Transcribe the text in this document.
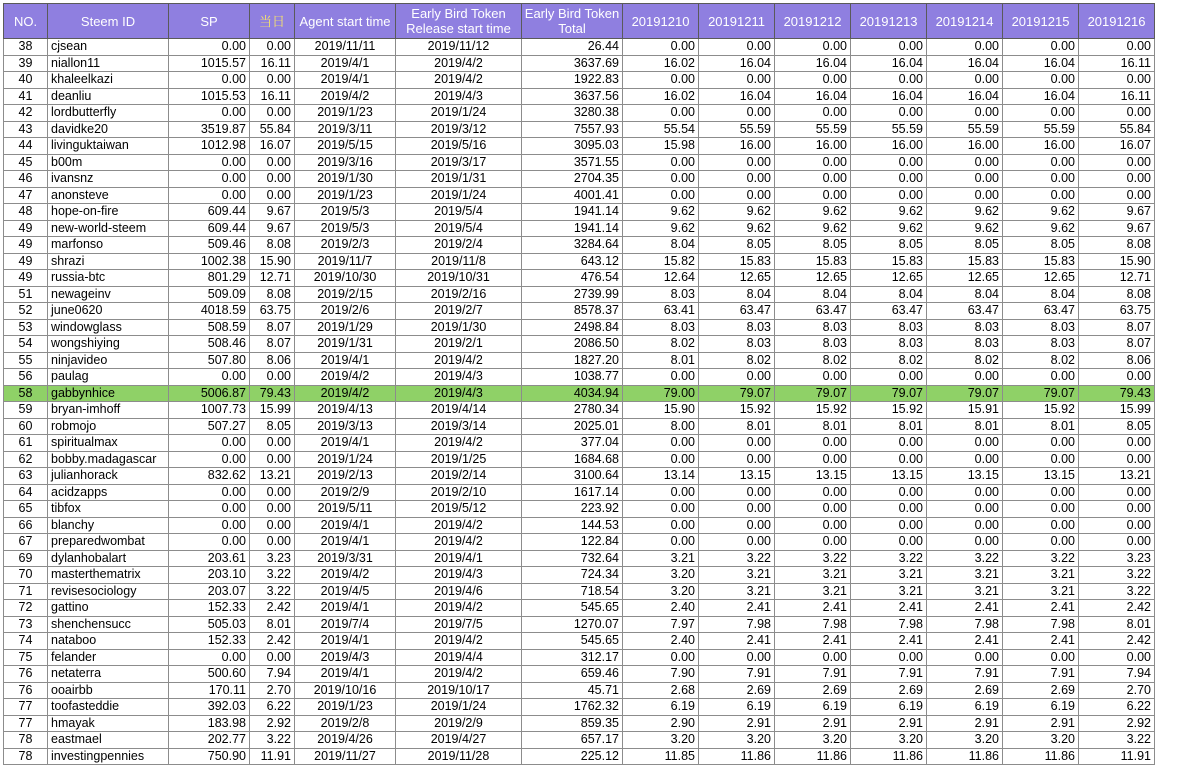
NO.	Steem ID	SP	当日	Agent start time	Early Bird Token Release start time	Early Bird Token Total	20191210	20191211	20191212	20191213	20191214	20191215	20191216
38	cjsean	0.00	0.00	2019/11/11	2019/11/12	26.44	0.00	0.00	0.00	0.00	0.00	0.00	0.00
39	niallon11	1015.57	16.11	2019/4/1	2019/4/2	3637.69	16.02	16.04	16.04	16.04	16.04	16.04	16.11
40	khaleelkazi	0.00	0.00	2019/4/1	2019/4/2	1922.83	0.00	0.00	0.00	0.00	0.00	0.00	0.00
41	deanliu	1015.53	16.11	2019/4/2	2019/4/3	3637.56	16.02	16.04	16.04	16.04	16.04	16.04	16.11
42	lordbutterfly	0.00	0.00	2019/1/23	2019/1/24	3280.38	0.00	0.00	0.00	0.00	0.00	0.00	0.00
43	davidke20	3519.87	55.84	2019/3/11	2019/3/12	7557.93	55.54	55.59	55.59	55.59	55.59	55.59	55.84
44	livinguktaiwan	1012.98	16.07	2019/5/15	2019/5/16	3095.03	15.98	16.00	16.00	16.00	16.00	16.00	16.07
45	b00m	0.00	0.00	2019/3/16	2019/3/17	3571.55	0.00	0.00	0.00	0.00	0.00	0.00	0.00
46	ivansnz	0.00	0.00	2019/1/30	2019/1/31	2704.35	0.00	0.00	0.00	0.00	0.00	0.00	0.00
47	anonsteve	0.00	0.00	2019/1/23	2019/1/24	4001.41	0.00	0.00	0.00	0.00	0.00	0.00	0.00
48	hope-on-fire	609.44	9.67	2019/5/3	2019/5/4	1941.14	9.62	9.62	9.62	9.62	9.62	9.62	9.67
49	new-world-steem	609.44	9.67	2019/5/3	2019/5/4	1941.14	9.62	9.62	9.62	9.62	9.62	9.62	9.67
49	marfonso	509.46	8.08	2019/2/3	2019/2/4	3284.64	8.04	8.05	8.05	8.05	8.05	8.05	8.08
49	shrazi	1002.38	15.90	2019/11/7	2019/11/8	643.12	15.82	15.83	15.83	15.83	15.83	15.83	15.90
49	russia-btc	801.29	12.71	2019/10/30	2019/10/31	476.54	12.64	12.65	12.65	12.65	12.65	12.65	12.71
51	newageinv	509.09	8.08	2019/2/15	2019/2/16	2739.99	8.03	8.04	8.04	8.04	8.04	8.04	8.08
52	june0620	4018.59	63.75	2019/2/6	2019/2/7	8578.37	63.41	63.47	63.47	63.47	63.47	63.47	63.75
53	windowglass	508.59	8.07	2019/1/29	2019/1/30	2498.84	8.03	8.03	8.03	8.03	8.03	8.03	8.07
54	wongshiying	508.46	8.07	2019/1/31	2019/2/1	2086.50	8.02	8.03	8.03	8.03	8.03	8.03	8.07
55	ninjavideo	507.80	8.06	2019/4/1	2019/4/2	1827.20	8.01	8.02	8.02	8.02	8.02	8.02	8.06
56	paulag	0.00	0.00	2019/4/2	2019/4/3	1038.77	0.00	0.00	0.00	0.00	0.00	0.00	0.00
58	gabbynhice	5006.87	79.43	2019/4/2	2019/4/3	4034.94	79.00	79.07	79.07	79.07	79.07	79.07	79.43
59	bryan-imhoff	1007.73	15.99	2019/4/13	2019/4/14	2780.34	15.90	15.92	15.92	15.92	15.91	15.92	15.99
60	robmojo	507.27	8.05	2019/3/13	2019/3/14	2025.01	8.00	8.01	8.01	8.01	8.01	8.01	8.05
61	spiritualmax	0.00	0.00	2019/4/1	2019/4/2	377.04	0.00	0.00	0.00	0.00	0.00	0.00	0.00
62	bobby.madagascar	0.00	0.00	2019/1/24	2019/1/25	1684.68	0.00	0.00	0.00	0.00	0.00	0.00	0.00
63	julianhorack	832.62	13.21	2019/2/13	2019/2/14	3100.64	13.14	13.15	13.15	13.15	13.15	13.15	13.21
64	acidzapps	0.00	0.00	2019/2/9	2019/2/10	1617.14	0.00	0.00	0.00	0.00	0.00	0.00	0.00
65	tibfox	0.00	0.00	2019/5/11	2019/5/12	223.92	0.00	0.00	0.00	0.00	0.00	0.00	0.00
66	blanchy	0.00	0.00	2019/4/1	2019/4/2	144.53	0.00	0.00	0.00	0.00	0.00	0.00	0.00
67	preparedwombat	0.00	0.00	2019/4/1	2019/4/2	122.84	0.00	0.00	0.00	0.00	0.00	0.00	0.00
69	dylanhobalart	203.61	3.23	2019/3/31	2019/4/1	732.64	3.21	3.22	3.22	3.22	3.22	3.22	3.23
70	masterthematrix	203.10	3.22	2019/4/2	2019/4/3	724.34	3.20	3.21	3.21	3.21	3.21	3.21	3.22
71	revisesociology	203.07	3.22	2019/4/5	2019/4/6	718.54	3.20	3.21	3.21	3.21	3.21	3.21	3.22
72	gattino	152.33	2.42	2019/4/1	2019/4/2	545.65	2.40	2.41	2.41	2.41	2.41	2.41	2.42
73	shenchensucc	505.03	8.01	2019/7/4	2019/7/5	1270.07	7.97	7.98	7.98	7.98	7.98	7.98	8.01
74	nataboo	152.33	2.42	2019/4/1	2019/4/2	545.65	2.40	2.41	2.41	2.41	2.41	2.41	2.42
75	felander	0.00	0.00	2019/4/3	2019/4/4	312.17	0.00	0.00	0.00	0.00	0.00	0.00	0.00
76	netaterra	500.60	7.94	2019/4/1	2019/4/2	659.46	7.90	7.91	7.91	7.91	7.91	7.91	7.94
76	ooairbb	170.11	2.70	2019/10/16	2019/10/17	45.71	2.68	2.69	2.69	2.69	2.69	2.69	2.70
77	toofasteddie	392.03	6.22	2019/1/23	2019/1/24	1762.32	6.19	6.19	6.19	6.19	6.19	6.19	6.22
77	hmayak	183.98	2.92	2019/2/8	2019/2/9	859.35	2.90	2.91	2.91	2.91	2.91	2.91	2.92
78	eastmael	202.77	3.22	2019/4/26	2019/4/27	657.17	3.20	3.20	3.20	3.20	3.20	3.20	3.22
78	investingpennies	750.90	11.91	2019/11/27	2019/11/28	225.12	11.85	11.86	11.86	11.86	11.86	11.86	11.91
